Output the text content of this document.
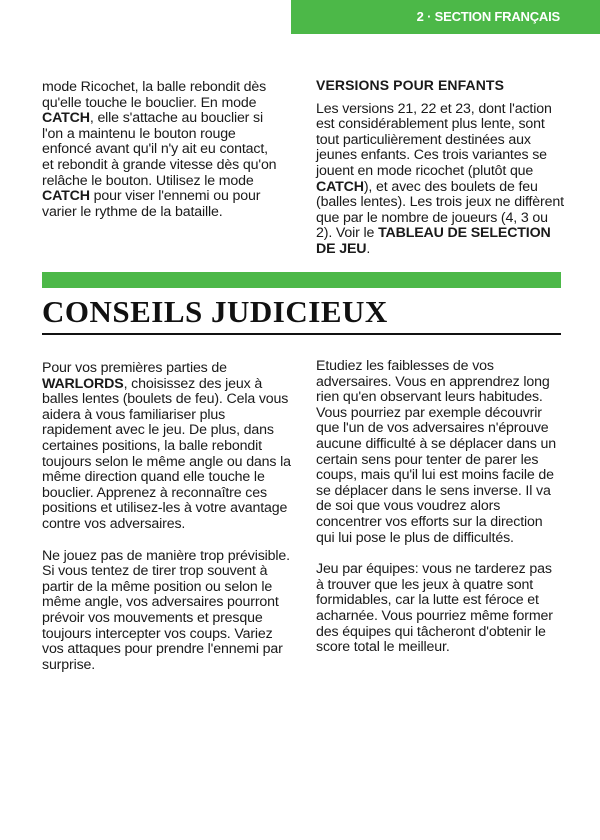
2 · SECTION FRANÇAIS

mode Ricochet, la balle rebondit dès qu'elle touche le bouclier. En mode CATCH, elle s'attache au bouclier si l'on a maintenu le bouton rouge enfoncé avant qu'il n'y ait eu contact, et rebondit à grande vitesse dès qu'on relâche le bouton. Utilisez le mode CATCH pour viser l'ennemi ou pour varier le rythme de la bataille.

VERSIONS POUR ENFANTS

Les versions 21, 22 et 23, dont l'action est considérablement plus lente, sont tout particulièrement destinées aux jeunes enfants. Ces trois variantes se jouent en mode ricochet (plutôt que CATCH), et avec des boulets de feu (balles lentes). Les trois jeux ne diffèrent que par le nombre de joueurs (4, 3 ou 2). Voir le TABLEAU DE SELECTION DE JEU.

CONSEILS JUDICIEUX

Pour vos premières parties de WARLORDS, choisissez des jeux à balles lentes (boulets de feu). Cela vous aidera à vous familiariser plus rapidement avec le jeu. De plus, dans certaines positions, la balle rebondit toujours selon le même angle ou dans la même direction quand elle touche le bouclier. Apprenez à reconnaître ces positions et utilisez-les à votre avantage contre vos adversaires.

Ne jouez pas de manière trop prévisible. Si vous tentez de tirer trop souvent à partir de la même position ou selon le même angle, vos adversaires pourront prévoir vos mouvements et presque toujours intercepter vos coups. Variez vos attaques pour prendre l'ennemi par surprise.

Etudiez les faiblesses de vos adversaires. Vous en apprendrez long rien qu'en observant leurs habitudes. Vous pourriez par exemple découvrir que l'un de vos adversaires n'éprouve aucune difficulté à se déplacer dans un certain sens pour tenter de parer les coups, mais qu'il lui est moins facile de se déplacer dans le sens inverse. Il va de soi que vous voudrez alors concentrer vos efforts sur la direction qui lui pose le plus de difficultés.

Jeu par équipes: vous ne tarderez pas à trouver que les jeux à quatre sont formidables, car la lutte est féroce et acharnée. Vous pourriez même former des équipes qui tâcheront d'obtenir le score total le meilleur.
